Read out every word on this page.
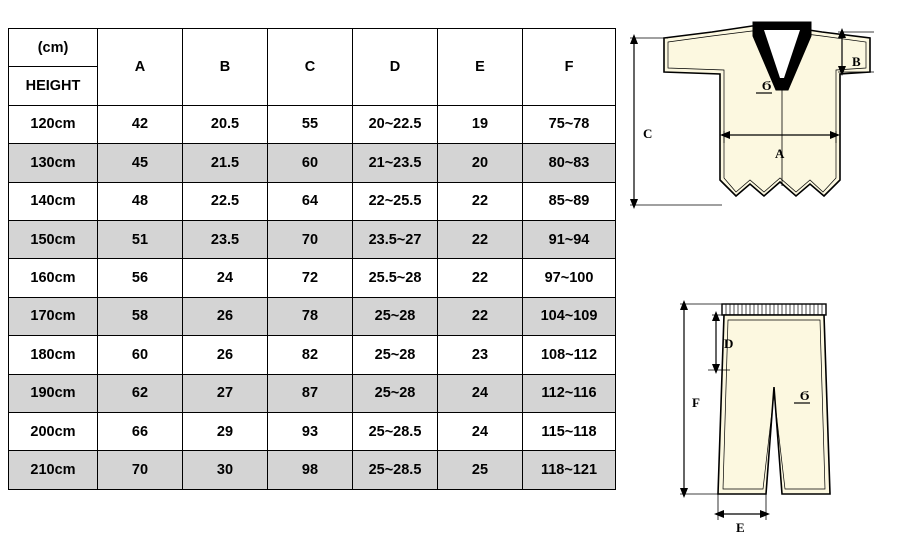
(cm)	A	B	C	D	E	F
HEIGHT						
120cm	42	20.5	55	20~22.5	19	75~78
130cm	45	21.5	60	21~23.5	20	80~83
140cm	48	22.5	64	22~25.5	22	85~89
150cm	51	23.5	70	23.5~27	22	91~94
160cm	56	24	72	25.5~28	22	97~100
170cm	58	26	78	25~28	22	104~109
180cm	60	26	82	25~28	23	108~112
190cm	62	27	87	25~28	24	112~116
200cm	66	29	93	25~28.5	24	115~118
210cm	70	30	98	25~28.5	25	118~121
Ϭ
C
B
A
Ϭ
F
D
E
